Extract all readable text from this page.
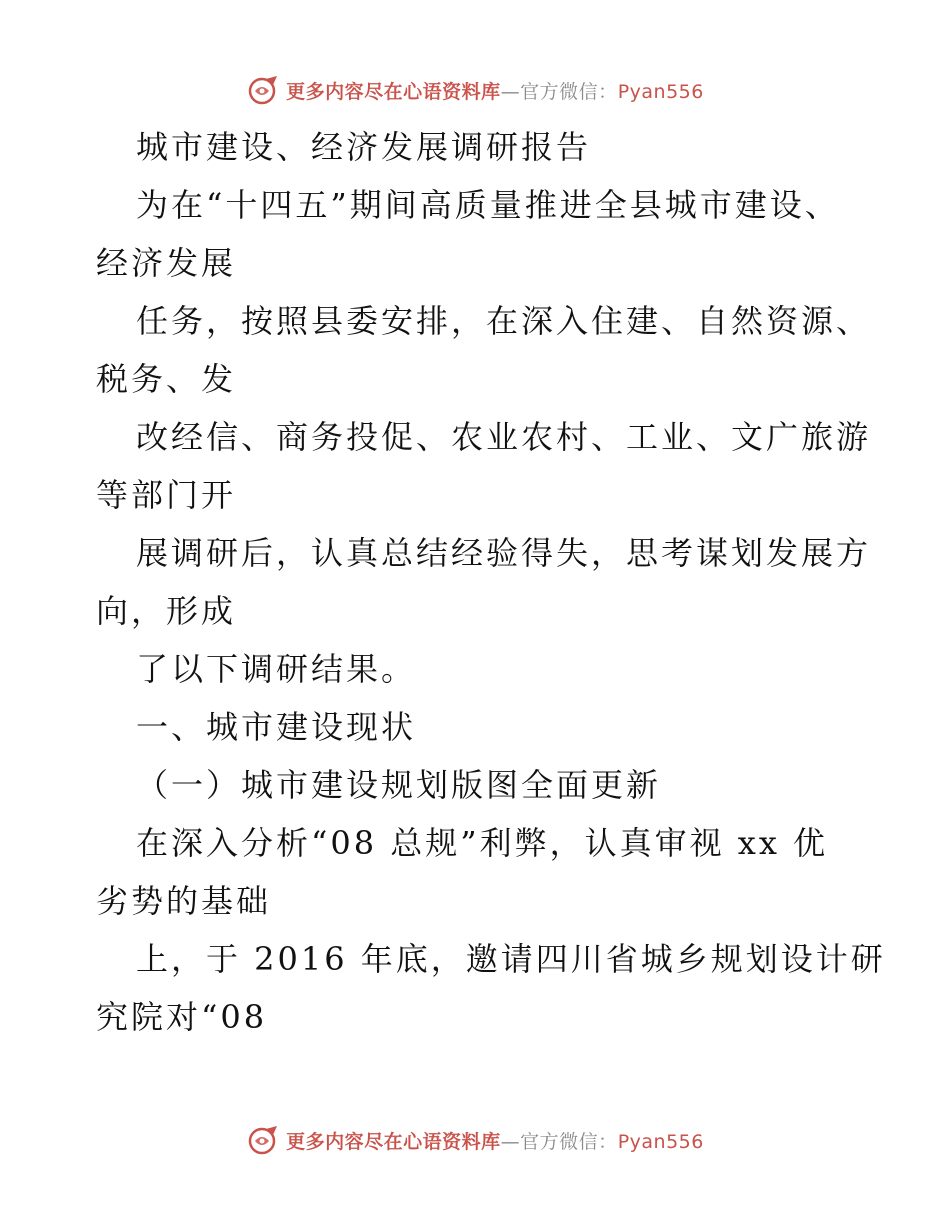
更多内容尽在心语资料库—官方微信：Pyan556
城市建设、经济发展调研报告
为在“十四五”期间高质量推进全县城市建设、
经济发展
任务，按照县委安排，在深入住建、自然资源、
税务、发
改经信、商务投促、农业农村、工业、文广旅游
等部门开
展调研后，认真总结经验得失，思考谋划发展方
向，形成
了以下调研结果。
一、城市建设现状
（一）城市建设规划版图全面更新
在深入分析“08 总规”利弊，认真审视 xx 优
劣势的基础
上，于 2016 年底，邀请四川省城乡规划设计研
究院对“08
更多内容尽在心语资料库—官方微信：Pyan556
